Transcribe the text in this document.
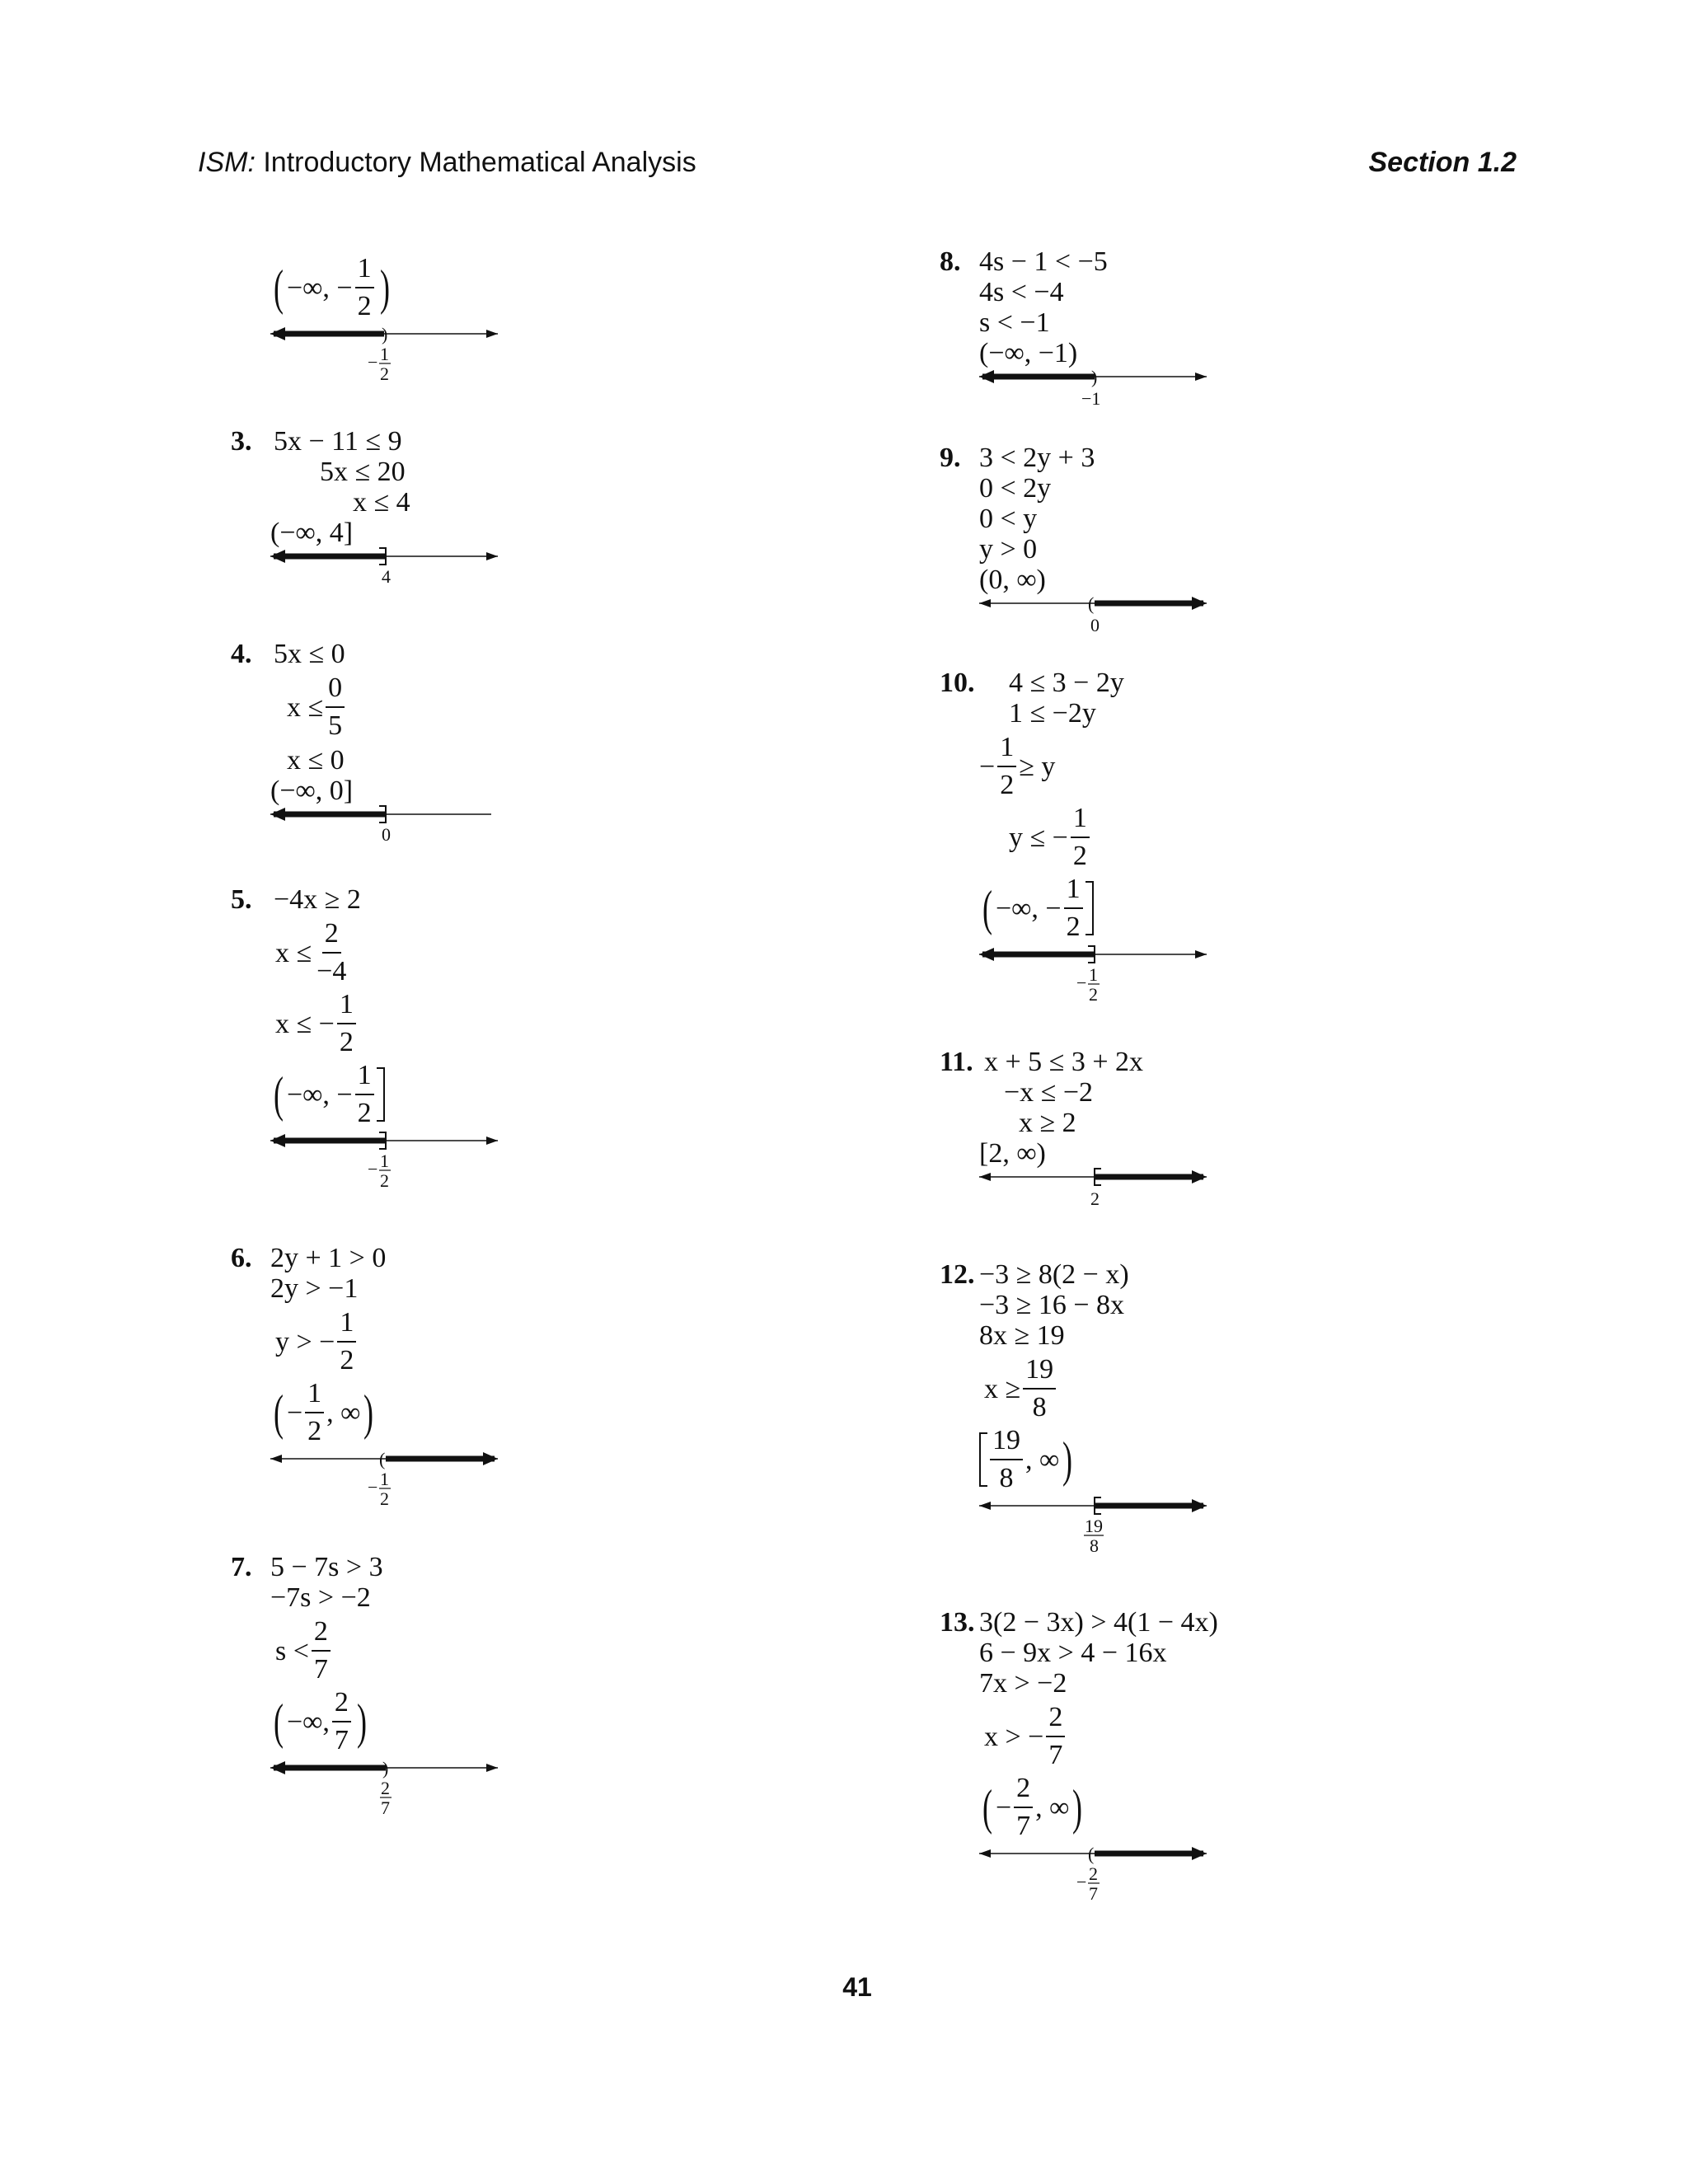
ISM: Introductory Mathematical Analysis	Section 1.2
( −∞, − $\frac{1}{2}$ )
)
− 1
2
3. 5x − 11 ≤ 9
5x ≤ 20
x ≤ 4
(−∞, 4]
4
4. 5x ≤ 0
$x \le \frac{0}{5}$
x ≤ 0
(−∞, 0]
0
5. −4x ≥ 2
$x \le \frac{2}{-4}$
x ≤ − $\frac{1}{2}$
( −∞, − $\frac{1}{2}$
− 1
2
6. 2y + 1 > 0
2y > −1
y > − $\frac{1}{2}$
( − $\frac{1}{2}$ , ∞ )
(
− 1
2
7. 5 − 7s > 3
−7s > −2
$s < \frac{2}{7}$
( −∞, $\frac{2}{7}$ )
)
2
7
8. 4s − 1 < −5
4s < −4
s < −1
(−∞, −1)
)
−1
9. 3 < 2y + 3
0 < 2y
0 < y
y > 0
(0, ∞)
(
0
10.	4 ≤ 3 − 2y
1 ≤ −2y
− $\frac{1}{2} \ge y$
y ≤ − $\frac{1}{2}$
( −∞, − $\frac{1}{2}$
− 1
2
11. x + 5 ≤ 3 + 2x
−x ≤ −2
x ≥ 2
[2, ∞)
2
12. −3 ≥ 8(2 − x)
−3 ≥ 16 − 8x
8x ≥ 19
$x \ge \frac{19}{8}$
$\frac{19}{8}$ , ∞ )
19
8
13. 3(2 − 3x) > 4(1 − 4x)
6 − 9x > 4 − 16x
7x > −2
x > − $\frac{2}{7}$
( − $\frac{2}{7}$ , ∞ )
(
− 2
7
41
